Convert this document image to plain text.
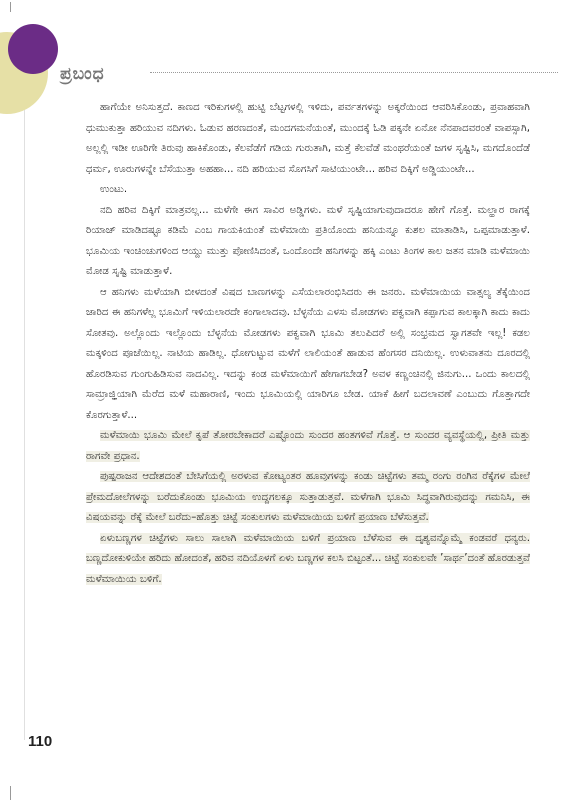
ಪ್ರಬಂಧ

ಹಾಗೆಯೇ ಅನಿಸುತ್ತದೆ. ಕಾಣದ ಇರಿಕುಗಳಲ್ಲಿ ಹುಟ್ಟಿ ಬೆಟ್ಟಗಳಲ್ಲಿ ಇಳಿದು, ಪರ್ವತಗಳನ್ನು ಅಕ್ಕರೆಯಿಂದ ಆವರಿಸಿಕೊಂಡು, ಪ್ರವಾಹವಾಗಿ ಧುಮುಕುತ್ತಾ ಹರಿಯುವ ನದಿಗಳು. ಓಡುವ ಹರಣದಂತೆ, ಮಂದಗಮನೆಯಂತೆ, ಮುಂದಕ್ಕೆ ಓಡಿ ಪಕ್ಕನೇ ಏನೋ ನೆನಪಾದವರಂತೆ ವಾಪಸ್ಸಾಗಿ, ಅಲ್ಲಲ್ಲಿ ಇಡೀ ಊರಿಗೇ ತಿರುವು ಹಾಕಿಕೊಂಡು, ಕೆಲವೆಡೆಗೆ ಗಡಿಯ ಗುರುತಾಗಿ, ಮತ್ತೆ ಕೆಲವೆಡೆ ಮಂಥರೆಯಂತೆ ಜಗಳ ಸೃಷ್ಟಿಸಿ, ಮಗದೊಂದೆಡೆ ಧರ್ಮ, ಊರುಗಳನ್ನೇ ಬೆಸೆಯುತ್ತಾ ಅಹಹಾ... ನದಿ ಹರಿಯುವ ಸೊಗಸಿಗೆ ಸಾಟಿಯುಂಟೇ... ಹರಿವ ದಿಕ್ಕಿಗೆ ಅಡ್ಡಿಯುಂಟೇ...

ಉಂಟು.

ನದಿ ಹರಿವ ದಿಕ್ಕಿಗೆ ಮಾತ್ರವಲ್ಲ... ಮಳೆಗೇ ಈಗ ಸಾವಿರ ಅಡ್ಡಿಗಳು. ಮಳೆ ಸೃಷ್ಟಿಯಾಗುವುದಾದರೂ ಹೇಗೆ ಗೊತ್ತೆ. ಮಲ್ಹಾರ ರಾಗಕ್ಕೆ ರಿಯಾಜ್ ಮಾಡಿದಷ್ಟೂ ಕಡಿಮೆ ಎಂಬ ಗಾಯಕಿಯಂತೆ ಮಳೆಮಾಯಿ ಪ್ರತಿಯೊಂದು ಹನಿಯನ್ನೂ ಕುಶಲ ಮಾತಾಡಿಸಿ, ಒಪ್ಪಮಾಡುತ್ತಾಳೆ. ಭೂಮಿಯ ಇಂಚಿಂಚುಗಳಿಂದ ಆಯ್ದು ಮುತ್ತು ಪೋಣಿಸಿದಂತೆ, ಒಂದೊಂದೇ ಹನಿಗಳನ್ನು ಹಕ್ಕಿ ಎಂಟು ತಿಂಗಳ ಕಾಲ ಜತನ ಮಾಡಿ ಮಳೆಮಾಯಿ ಮೋಡ ಸೃಷ್ಟಿ ಮಾಡುತ್ತಾಳೆ.

ಆ ಹನಿಗಳು ಮಳೆಯಾಗಿ ಬೀಳದಂತೆ ವಿಷದ ಬಾಣಗಳನ್ನು ಎಸೆಯಲಾರಂಭಿಸಿದರು ಈ ಜನರು. ಮಳೆಮಾಯಿಯ ವಾತ್ಸಲ್ಯ ತೆಕ್ಕೆಯಿಂದ ಜಾರಿದ ಈ ಹನಿಗಳೆಲ್ಲ ಭೂಮಿಗೆ ಇಳಿಯಲಾರದೇ ಕಂಗಾಲಾದವು. ಬೆಳ್ಳನೆಯ ಎಳಸು ಮೋಡಗಳು ಪಕ್ವವಾಗಿ ಕಪ್ಪಾಗುವ ಕಾಲಕ್ಕಾಗಿ ಕಾದು ಕಾದು ಸೋತವು. ಅಲ್ಲೊಂದು ಇಲ್ಲೊಂದು ಬೆಳ್ಳನೆಯ ಮೋಡಗಳು ಪಕ್ವವಾಗಿ ಭೂಮಿ ತಲುಪಿದರೆ ಅಲ್ಲಿ ಸಂಭ್ರಮದ ಸ್ವಾಗತವೇ ಇಲ್ಲ! ಕಡಲ ಮಕ್ಕಳಿಂದ ಪೂಜೆಯಿಲ್ಲ. ನಾಟಿಯ ಹಾಡಿಲ್ಲ. ಧೋಗುಟ್ಟುವ ಮಳೆಗೆ ಲಾಲಿಯಂತೆ ಹಾಡುವ ಹೆಂಗಸರ ದನಿಯಿಲ್ಲ. ಉಳುವಾತನು ದೂರದಲ್ಲಿ ಹೊರಡಿಸುವ ಗುಂಗುಹಿಡಿಸುವ ನಾದವಿಲ್ಲ. ಇದನ್ನು ಕಂಡ ಮಳೆಮಾಯಿಗೆ ಹೇಗಾಗಬೇಡ? ಅವಳ ಕಣ್ಣಂಚಿನಲ್ಲಿ ಜಿನುಗು... ಒಂದು ಕಾಲದಲ್ಲಿ ಸಾಮ್ರಾಜ್ಞಿಯಾಗಿ ಮೆರೆದ ಮಳೆ ಮಹಾರಾಣಿ, ಇಂದು ಭೂಮಿಯಲ್ಲಿ ಯಾರಿಗೂ ಬೇಡ. ಯಾಕೆ ಹೀಗೆ ಬದಲಾವಣೆ ಎಂಬುದು ಗೊತ್ತಾಗದೇ ಕೊರಗುತ್ತಾಳೆ...

ಮಳೆಮಾಯಿ ಭೂಮಿ ಮೇಲೆ ಕೃಪೆ ತೋರಬೇಕಾದರೆ ಎಷ್ಟೊಂದು ಸುಂದರ ಹಂತಗಳಿವೆ ಗೊತ್ತೆ. ಆ ಸುಂದರ ವ್ಯವಸ್ಥೆಯಲ್ಲಿ, ಪ್ರೀತಿ ಮತ್ತು ರಾಗವೇ ಪ್ರಧಾನ.

ಪುಷ್ಪರಾಜನ ಆದೇಶದಂತೆ ಬೇಸಿಗೆಯಲ್ಲಿ ಅರಳುವ ಕೋಟ್ಯಂತರ ಹೂವುಗಳನ್ನು ಕಂಡು ಚಿಟ್ಟೆಗಳು ತಮ್ಮ ರಂಗು ರಂಗಿನ ರೆಕ್ಕೆಗಳ ಮೇಲೆ ಪ್ರೇಮದೋಲೆಗಳನ್ನು ಬರೆದುಕೊಂಡು ಭೂಮಿಯ ಉದ್ದಗಲಕ್ಕೂ ಸುತ್ತಾಡುತ್ತವೆ. ಮಳೆಗಾಗಿ ಭೂಮಿ ಸಿದ್ಧವಾಗಿರುವುದನ್ನು ಗಮನಿಸಿ, ಈ ವಿಷಯವನ್ನು ರೆಕ್ಕೆ ಮೇಲೆ ಬರೆದು–ಹೊತ್ತು ಚಿಟ್ಟೆ ಸಂಕುಲಗಳು ಮಳೆಮಾಯಿಯ ಬಳಿಗೆ ಪ್ರಯಾಣ ಬೆಳೆಸುತ್ತವೆ.

ಏಳುಬಣ್ಣಗಳ ಚಿಟ್ಟೆಗಳು ಸಾಲು ಸಾಲಾಗಿ ಮಳೆಮಾಯಿಯ ಬಳಿಗೆ ಪ್ರಯಾಣ ಬೆಳೆಸುವ ಈ ದೃಶ್ಯವನ್ನೊಮ್ಮೆ ಕಂಡವರೆ ಧನ್ಯರು. ಬಣ್ಣದೋಕುಳಿಯೇ ಹರಿದು ಹೋದಂತೆ, ಹರಿವ ನದಿಯೊಳಗೆ ಏಳು ಬಣ್ಣಗಳ ಕಲಸಿ ಬಿಟ್ಟಂತೆ... ಚಿಟ್ಟೆ ಸಂಕುಲವೇ ’ಸಾರ್ಥ’ದಂತೆ ಹೊರಡುತ್ತವೆ ಮಳೆಮಾಯಿಯ ಬಳಿಗೆ.

110
